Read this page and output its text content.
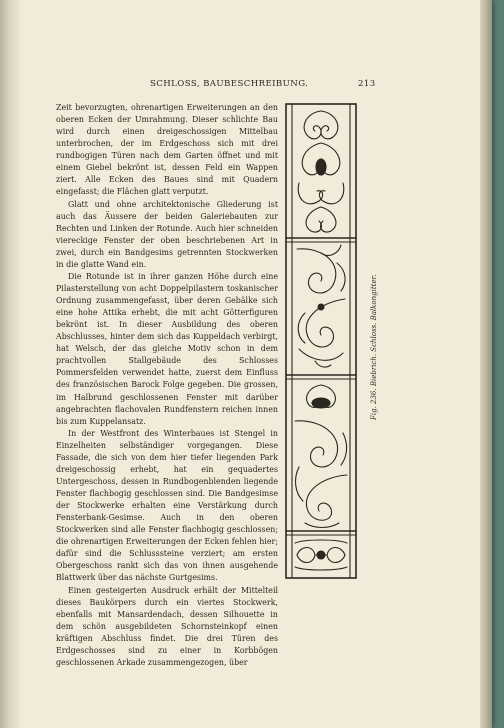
SCHLOSS, BAUBESCHREIBUNG.	213

Zeit bevorzugten, ohrenartigen Erweiterungen an den oberen Ecken der Umrahmung. Dieser schlichte Bau wird durch einen dreigeschossigen Mittelbau unterbrochen, der im Erdgeschoss sich mit drei rundbogigen Türen nach dem Garten öffnet und mit einem Giebel bekrönt ist, dessen Feld ein Wappen ziert. Alle Ecken des Baues sind mit Quadern eingefasst; die Flächen glatt verputzt.

Glatt und ohne architektonische Gliederung ist auch das Äussere der beiden Galeriebauten zur Rechten und Linken der Rotunde. Auch hier schneiden viereckige Fenster der oben beschriebenen Art in zwei, durch ein Bandgesims getrennten Stockwerken in die glatte Wand ein.

Die Rotunde ist in ihrer ganzen Höhe durch eine Pilasterstellung von acht Doppelpilastern toskanischer Ordnung zusammengefasst, über deren Gebälke sich eine hohe Attika erhebt, die mit acht Götterfiguren bekrönt ist. In dieser Ausbildung des oberen Abschlusses, hinter dem sich das Kuppeldach verbirgt, hat Welsch, der das gleiche Motiv schon in dem prachtvollen Stallgebäude des Schlosses Pommersfelden verwendet hatte, zuerst dem Einfluss des französischen Barock Folge gegeben. Die grossen, im Halbrund geschlossenen Fenster mit darüber angebrachten flachovalen Rundfenstern reichen innen bis zum Kuppelansatz.

In der Westfront des Winterbaues ist Stengel in Einzelheiten selbständiger vorgegangen. Diese Fassade, die sich von dem hier tiefer liegenden Park dreigeschossig erhebt, hat ein gequadertes Untergeschoss, dessen in Rundbogenblenden liegende Fenster flachbogig geschlossen sind. Die Bandgesimse der Stockwerke erhalten eine Verstärkung durch Fensterbank-Gesimse. Auch in den oberen Stockwerken sind alle Fenster flachbogig geschlossen; die ohrenartigen Erweiterungen der Ecken fehlen hier; dafür sind die Schlusssteine verziert; am ersten Obergeschoss rankt sich das von ihnen ausgehende Blattwerk über das nächste Gurtgesims.

Einen gesteigerten Ausdruck erhält der Mittelteil dieses Baukörpers durch ein viertes Stockwerk, ebenfalls mit Mansardendach, dessen Silhouette in dem schön ausgebildeten Schornsteinkopf einen kräftigen Abschluss findet. Die drei Türen des Erdgeschosses sind zu einer in Korbbögen geschlossenen Arkade zusammengezogen, über

Fig. 236. Biebrich. Schloss. Balkongitter.
